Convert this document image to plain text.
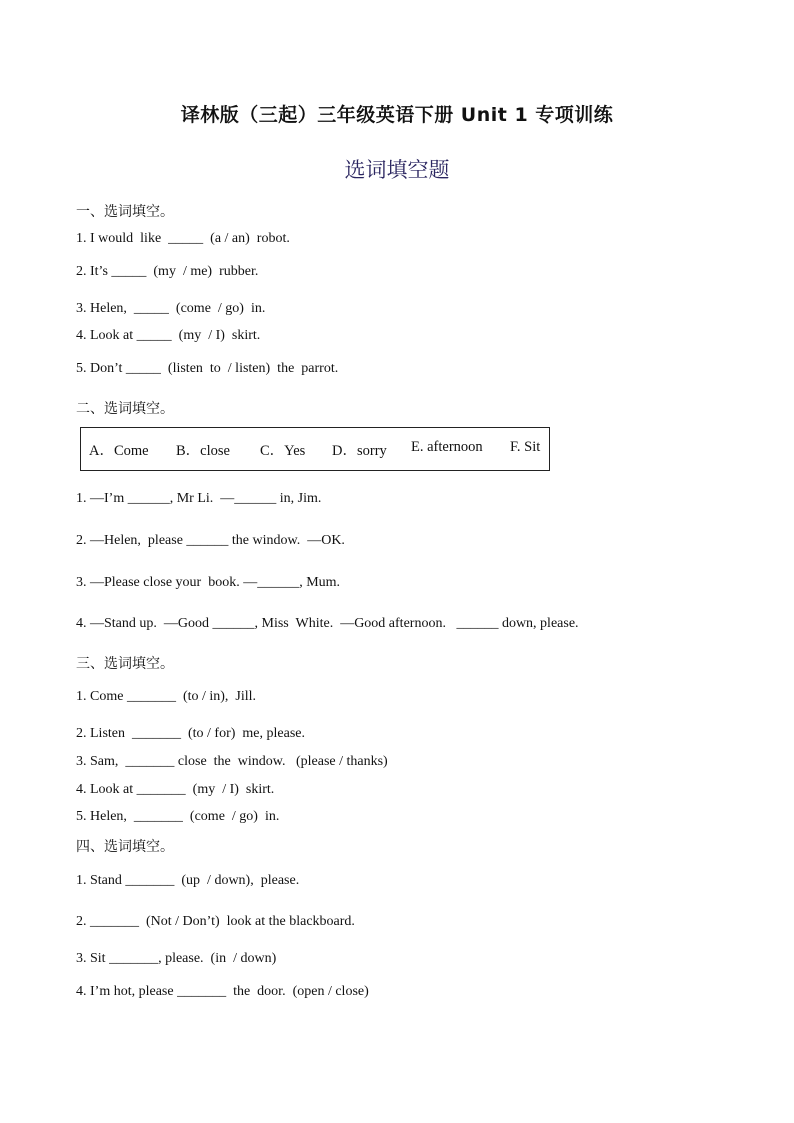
译林版（三起）三年级英语下册 Unit 1 专项训练
选词填空题
一、选词填空。
1. I would  like  _____  (a / an)  robot.
2. It’s _____  (my  / me)  rubber.
3. Helen,  _____  (come  / go)  in.
4. Look at _____  (my  / I)  skirt.
5. Don’t _____  (listen  to  / listen)  the  parrot.
二、选词填空。
A．Come B．close C．Yes D．sorry E. afternoon F. Sit
1. —I’m ______, Mr Li.  —______ in, Jim.
2. —Helen,  please ______ the window.  —OK.
3. —Please close your  book. —______, Mum.
4. —Stand up.  —Good ______, Miss  White.  —Good afternoon.   ______ down, please.
三、选词填空。
1. Come _______  (to / in),  Jill.
2. Listen  _______  (to / for)  me, please.
3. Sam,  _______ close  the  window.   (please / thanks)
4. Look at _______  (my  / I)  skirt.
5. Helen,  _______  (come  / go)  in.
四、选词填空。
1. Stand _______  (up  / down),  please.
2. _______  (Not / Don’t)  look at the blackboard.
3. Sit _______, please.  (in  / down)
4. I’m hot, please _______  the  door.  (open / close)
